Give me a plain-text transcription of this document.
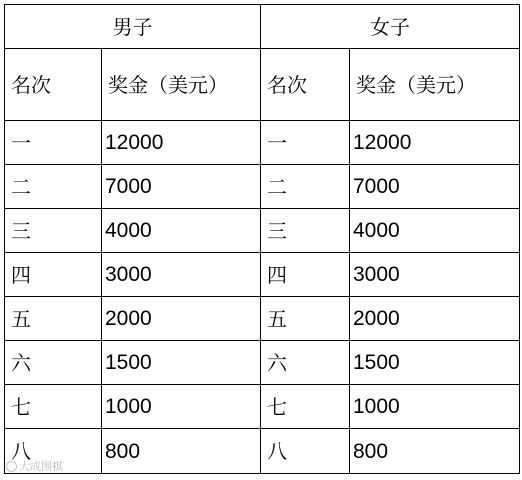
男子		女子	
名次	奖金（美元）	名次	奖金（美元）
一	12000	一	12000
二	7000	二	7000
三	4000	三	4000
四	3000	四	3000
五	2000	五	2000
六	1500	六	1500
七	1000	七	1000
八	800	八	800
大成围棋
